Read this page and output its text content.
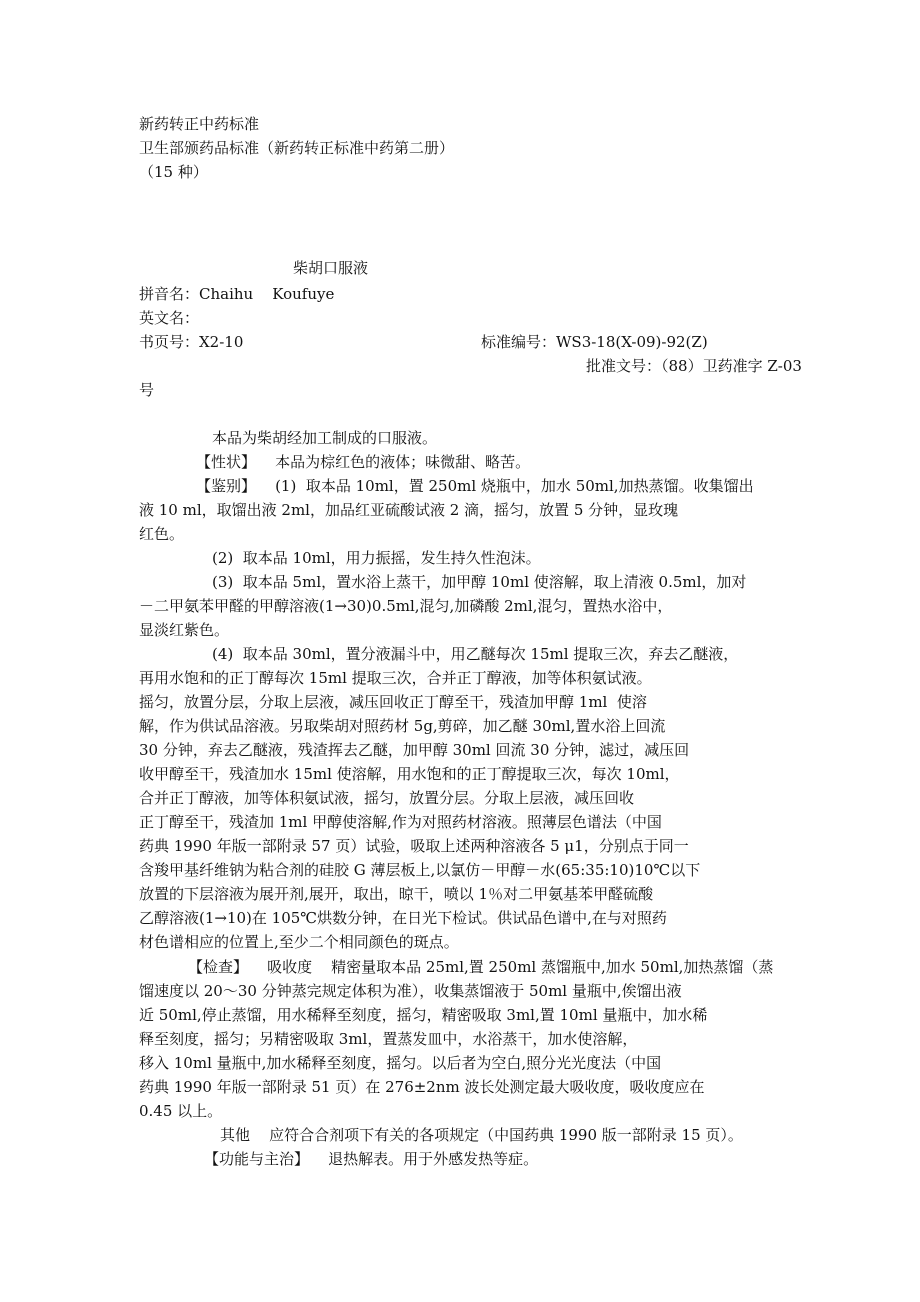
新药转正中药标准

卫生部颁药品标准（新药转正标准中药第二册）

（15 种）

柴胡口服液

拼音名：Chaihu    Koufuye

英文名：

书页号：X2-10	标准编号：WS3-18(X-09)-92(Z)

批准文号：（88）卫药准字 Z-03

号

本品为柴胡经加工制成的口服液。

【性状】    本品为棕红色的液体；味微甜、略苦。

【鉴别】    (1)  取本品 10ml，置 250ml 烧瓶中，加水 50ml,加热蒸馏。收集馏出

液 10 ml，取馏出液 2ml，加品红亚硫酸试液 2 滴，摇匀，放置 5 分钟，显玫瑰

红色。

(2)  取本品 10ml，用力振摇，发生持久性泡沫。

(3)  取本品 5ml，置水浴上蒸干，加甲醇 10ml 使溶解，取上清液 0.5ml，加对

－二甲氨苯甲醛的甲醇溶液(1→30)0.5ml,混匀,加磷酸 2ml,混匀，置热水浴中，

显淡红紫色。

(4)  取本品 30ml，置分液漏斗中，用乙醚每次 15ml 提取三次，弃去乙醚液，

再用水饱和的正丁醇每次 15ml 提取三次，合并正丁醇液，加等体积氨试液。

摇匀，放置分层，分取上层液，减压回收正丁醇至干，残渣加甲醇 1ml  使溶

解，作为供试品溶液。另取柴胡对照药材 5g,剪碎，加乙醚 30ml,置水浴上回流

30 分钟，弃去乙醚液，残渣挥去乙醚，加甲醇 30ml 回流 30 分钟，滤过，减压回

收甲醇至干，残渣加水 15ml 使溶解，用水饱和的正丁醇提取三次，每次 10ml，

合并正丁醇液，加等体积氨试液，摇匀，放置分层。分取上层液，减压回收

正丁醇至干，残渣加 1ml 甲醇使溶解,作为对照药材溶液。照薄层色谱法（中国

药典 1990 年版一部附录 57 页）试验，吸取上述两种溶液各 5 μ1，分别点于同一

含羧甲基纤维钠为粘合剂的硅胶 G 薄层板上,以氯仿－甲醇－水(65:35:10)10℃以下

放置的下层溶液为展开剂,展开，取出，晾干，喷以 1％对二甲氨基苯甲醛硫酸

乙醇溶液(1→10)在 105℃烘数分钟，在日光下检试。供试品色谱中,在与对照药

材色谱相应的位置上,至少二个相同颜色的斑点。

【检查】    吸收度    精密量取本品 25ml,置 250ml 蒸馏瓶中,加水 50ml,加热蒸馏（蒸

馏速度以 20～30 分钟蒸完规定体积为准），收集蒸馏液于 50ml 量瓶中,俟馏出液

近 50ml,停止蒸馏，用水稀释至刻度，摇匀，精密吸取 3ml,置 10ml 量瓶中，加水稀

释至刻度，摇匀；另精密吸取 3ml，置蒸发皿中，水浴蒸干，加水使溶解，

移入 10ml 量瓶中,加水稀释至刻度，摇匀。以后者为空白,照分光光度法（中国

药典 1990 年版一部附录 51 页）在 276±2nm 波长处测定最大吸收度，吸收度应在

0.45 以上。

其他    应符合合剂项下有关的各项规定（中国药典 1990 版一部附录 15 页）。

【功能与主治】    退热解表。用于外感发热等症。
